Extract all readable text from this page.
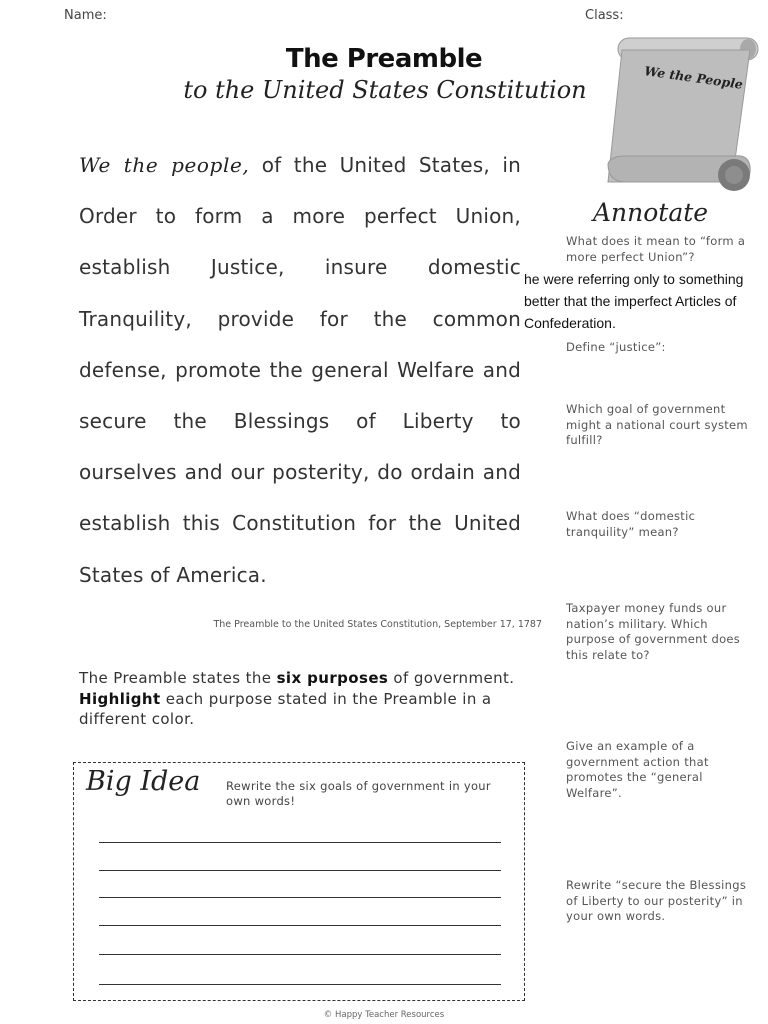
Name:	Class:
The Preamble
to the United States Constitution	We the People
We the people, of the United States, in Order to form a more perfect Union, establish Justice, insure domestic Tranquility, provide for the common defense, promote the general Welfare and secure the Blessings of Liberty to ourselves and our posterity, do ordain and establish this Constitution for the United States of America.
The Preamble to the United States Constitution, September 17, 1787
The Preamble states the six purposes of government. Highlight each purpose stated in the Preamble in a different color.
Big Idea Rewrite the six goals of government in your own words!
© Happy Teacher Resources
Annotate
What does it mean to “form a more perfect Union”?
he were referring only to something better that the imperfect Articles of Confederation.
Define “justice”:
Which goal of government might a national court system fulfill?
What does “domestic tranquility” mean?
Taxpayer money funds our nation’s military. Which purpose of government does this relate to?
Give an example of a government action that promotes the “general Welfare”.
Rewrite “secure the Blessings of Liberty to our posterity” in your own words.
